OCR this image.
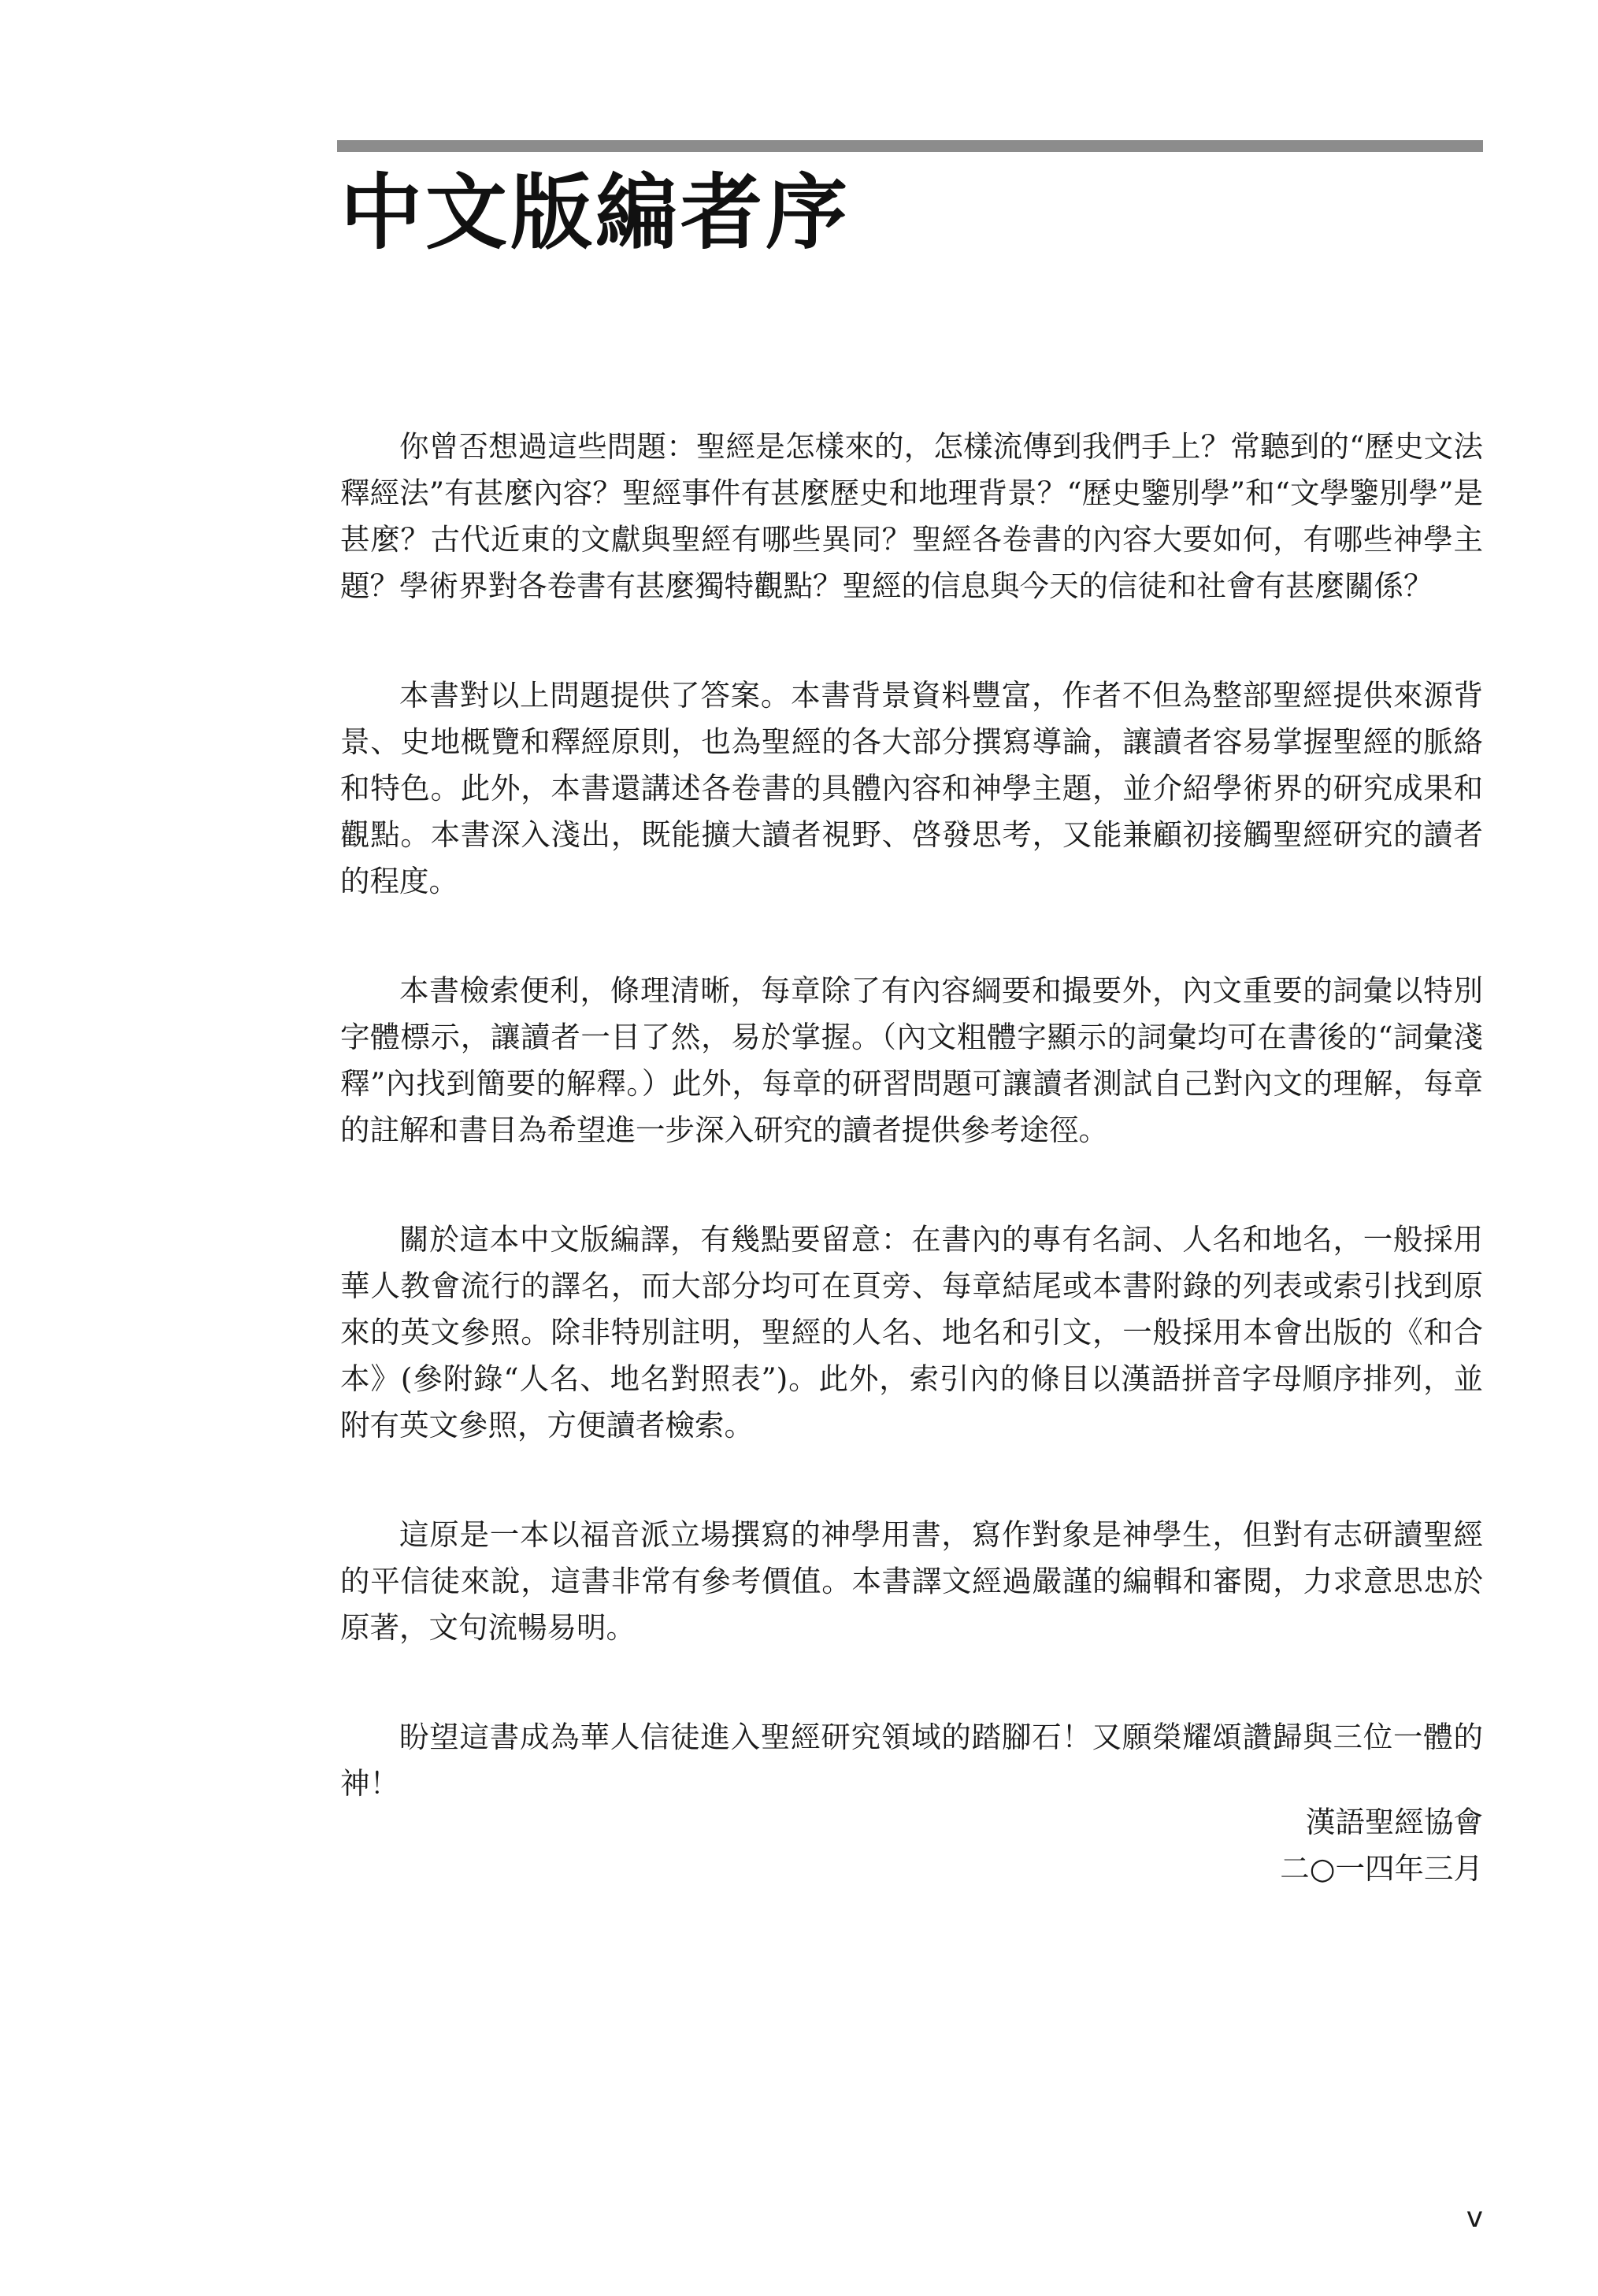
中文版編者序

你曾否想過這些問題：聖經是怎樣來的，怎樣流傳到我們手上？常聽到的“歷史文法釋經法”有甚麼內容？聖經事件有甚麼歷史和地理背景？“歷史鑒別學”和“文學鑒別學”是甚麼？古代近東的文獻與聖經有哪些異同？聖經各卷書的內容大要如何，有哪些神學主題？學術界對各卷書有甚麼獨特觀點？聖經的信息與今天的信徒和社會有甚麼關係？

本書對以上問題提供了答案。本書背景資料豐富，作者不但為整部聖經提供來源背景、史地概覽和釋經原則，也為聖經的各大部分撰寫導論，讓讀者容易掌握聖經的脈絡和特色。此外，本書還講述各卷書的具體內容和神學主題，並介紹學術界的研究成果和觀點。本書深入淺出，既能擴大讀者視野、啓發思考，又能兼顧初接觸聖經研究的讀者的程度。

本書檢索便利，條理清晰，每章除了有內容綱要和撮要外，內文重要的詞彙以特別字體標示，讓讀者一目了然，易於掌握。（內文粗體字顯示的詞彙均可在書後的“詞彙淺釋”內找到簡要的解釋。）此外，每章的研習問題可讓讀者測試自己對內文的理解，每章的註解和書目為希望進一步深入研究的讀者提供參考途徑。

關於這本中文版編譯，有幾點要留意：在書內的專有名詞、人名和地名，一般採用華人教會流行的譯名，而大部分均可在頁旁、每章結尾或本書附錄的列表或索引找到原來的英文參照。除非特別註明，聖經的人名、地名和引文，一般採用本會出版的《和合本》(參附錄“人名、地名對照表”)。此外，索引內的條目以漢語拼音字母順序排列，並附有英文參照，方便讀者檢索。

這原是一本以福音派立場撰寫的神學用書，寫作對象是神學生，但對有志研讀聖經的平信徒來說，這書非常有參考價值。本書譯文經過嚴謹的編輯和審閱，力求意思忠於原著，文句流暢易明。

盼望這書成為華人信徒進入聖經研究領域的踏腳石！又願榮耀頌讚歸與三位一體的神！

漢語聖經協會
二○一四年三月
v
